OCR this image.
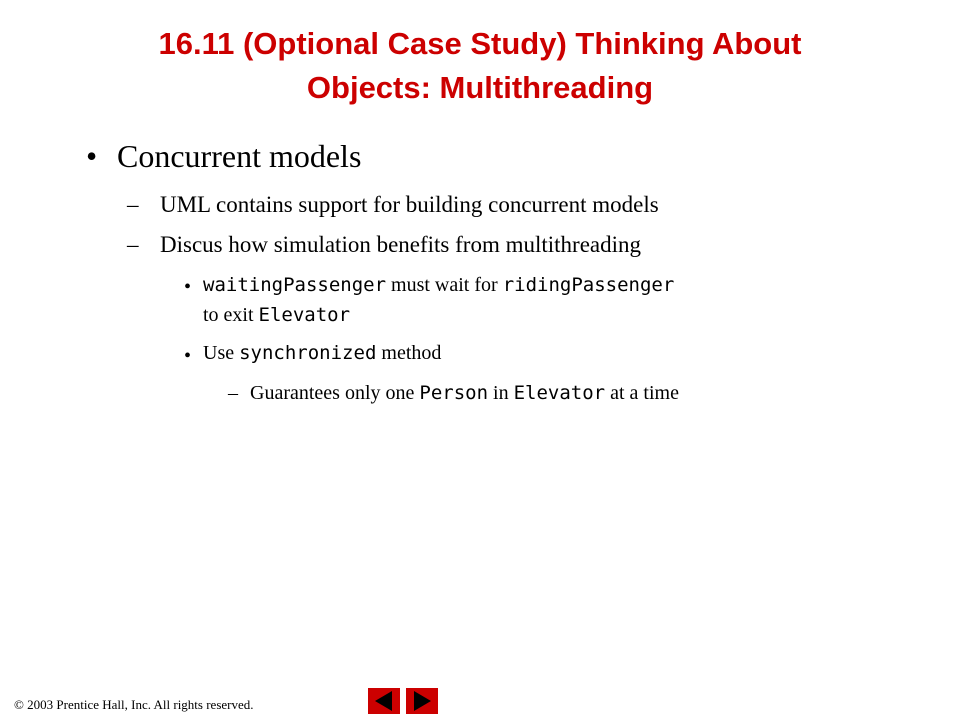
16.11 (Optional Case Study) Thinking About
Objects: Multithreading
• Concurrent models
– UML contains support for building concurrent models
– Discus how simulation benefits from multithreading
• waitingPassenger must wait for ridingPassenger
to exit Elevator
• Use synchronized method
– Guarantees only one Person in Elevator at a time
© 2003 Prentice Hall, Inc. All rights reserved.
